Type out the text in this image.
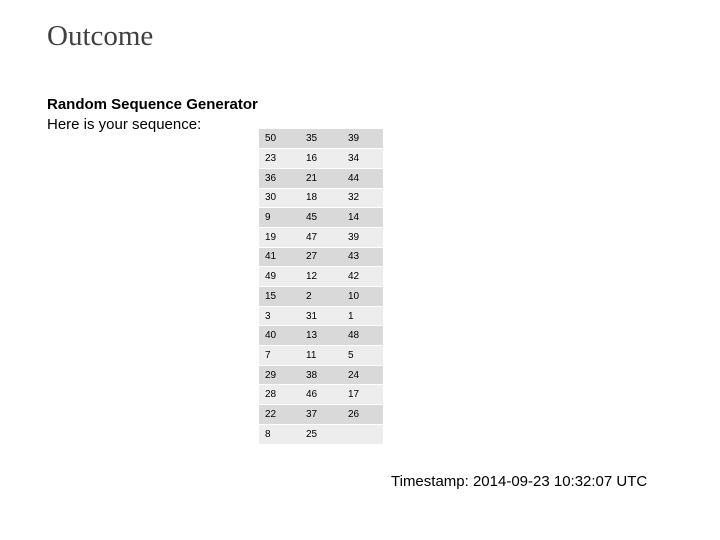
Outcome

Random Sequence Generator

Here is your sequence:

50	35	39
23	16	34
36	21	44
30	18	32
9	45	14
19	47	39
41	27	43
49	12	42
15	2	10
3	31	1
40	13	48
7	11	5
29	38	24
28	46	17
22	37	26
8	25	

Timestamp: 2014-09-23 10:32:07 UTC
